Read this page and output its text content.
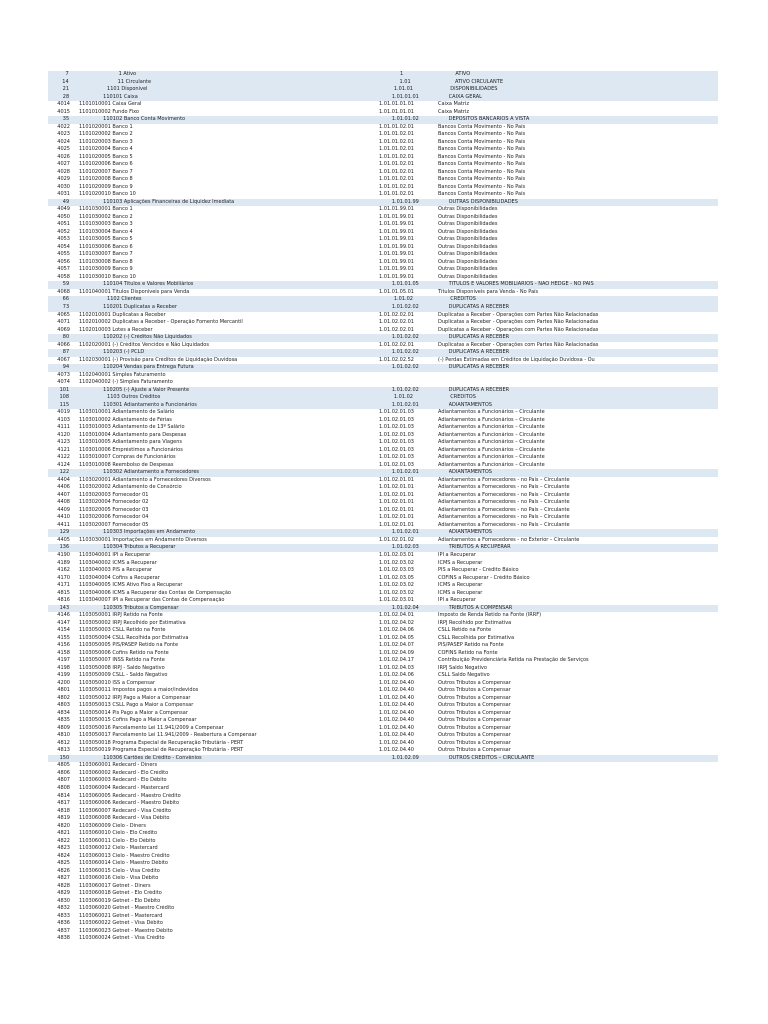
7	1 Ativo	1	ATIVO
14	11 Circulante	1.01	ATIVO CIRCULANTE
21	1101 Disponível	1.01.01	DISPONIBILIDADES
28	110101 Caixa	1.01.01.01	CAIXA GERAL
4014	1101010001 Caixa Geral	1.01.01.01.01	Caixa Matriz
4015	1101010002 Fundo Fixo	1.01.01.01.01	Caixa Matriz
35	110102 Banco Conta Movimento	1.01.01.02	DEPÓSITOS BANCÁRIOS À VISTA
4022	1101020001 Banco 1	1.01.01.02.01	Bancos Conta Movimento - No País
4023	1101020002 Banco 2	1.01.01.02.01	Bancos Conta Movimento - No País
4024	1101020003 Banco 3	1.01.01.02.01	Bancos Conta Movimento - No País
4025	1101020004 Banco 4	1.01.01.02.01	Bancos Conta Movimento - No País
4026	1101020005 Banco 5	1.01.01.02.01	Bancos Conta Movimento - No País
4027	1101020006 Banco 6	1.01.01.02.01	Bancos Conta Movimento - No País
4028	1101020007 Banco 7	1.01.01.02.01	Bancos Conta Movimento - No País
4029	1101020008 Banco 8	1.01.01.02.01	Bancos Conta Movimento - No País
4030	1101020009 Banco 9	1.01.01.02.01	Bancos Conta Movimento - No País
4031	1101020010 Banco 10	1.01.01.02.01	Bancos Conta Movimento - No País
49	110103 Aplicações Financeiras de Liquidez Imediata	1.01.01.99	OUTRAS DISPONIBILIDADES
4049	1101030001 Banco 1	1.01.01.99.01	Outras Disponibilidades
4050	1101030002 Banco 2	1.01.01.99.01	Outras Disponibilidades
4051	1101030003 Banco 3	1.01.01.99.01	Outras Disponibilidades
4052	1101030004 Banco 4	1.01.01.99.01	Outras Disponibilidades
4053	1101030005 Banco 5	1.01.01.99.01	Outras Disponibilidades
4054	1101030006 Banco 6	1.01.01.99.01	Outras Disponibilidades
4055	1101030007 Banco 7	1.01.01.99.01	Outras Disponibilidades
4056	1101030008 Banco 8	1.01.01.99.01	Outras Disponibilidades
4057	1101030009 Banco 9	1.01.01.99.01	Outras Disponibilidades
4058	1101030010 Banco 10	1.01.01.99.01	Outras Disponibilidades
59	110104 Títulos e Valores Mobiliários	1.01.01.05	TÍTULOS E VALORES MOBILIÁRIOS - NÃO HEDGE - NO PAÍS
4068	1101040001 Títulos Disponíveis para Venda	1.01.01.05.01	Títulos Disponíveis para Venda - No País
66	1102 Clientes	1.01.02	CRÉDITOS
73	110201 Duplicatas a Receber	1.01.02.02	DUPLICATAS A RECEBER
4065	1102010001 Duplicatas a Receber	1.01.02.02.01	Duplicatas a Receber - Operações com Partes Não Relacionadas
4071	1102010002 Duplicatas a Receber - Operação Fomento Mercantil	1.01.02.02.01	Duplicatas a Receber - Operações com Partes Não Relacionadas
4069	1102010003 Lotes a Receber	1.01.02.02.01	Duplicatas a Receber - Operações com Partes Não Relacionadas
80	110202 (-) Créditos Não Liquidados	1.01.02.02	DUPLICATAS A RECEBER
4066	1102020001 (-) Créditos Vencidos e Não Liquidados	1.01.02.02.01	Duplicatas a Receber - Operações com Partes Não Relacionadas
87	110203 (-) PCLD	1.01.02.02	DUPLICATAS A RECEBER
4067	1102030001 (-) Provisão para Créditos de Liquidação Duvidosa	1.01.02.02.52	(-) Perdas Estimadas em Créditos de Liquidação Duvidosa - Ou
94	110204 Vendas para Entrega Futura	1.01.02.02	DUPLICATAS A RECEBER
4073	1102040001 Simples Faturamento
4074	1102040002 (-) Simples Faturamento
101	110205 (-) Ajuste a Valor Presente	1.01.02.02	DUPLICATAS A RECEBER
108	1103 Outros Créditos	1.01.02	CRÉDITOS
115	110301 Adiantamento a Funcionários	1.01.02.01	ADIANTAMENTOS
4019	1103010001 Adiantamento de Salário	1.01.02.01.03	Adiantamentos a Funcionários – Circulante
4103	1103010002 Adiantamento de Férias	1.01.02.01.03	Adiantamentos a Funcionários – Circulante
4111	1103010003 Adiantamento de 13º Salário	1.01.02.01.03	Adiantamentos a Funcionários – Circulante
4120	1103010004 Adiantamento para Despesas	1.01.02.01.03	Adiantamentos a Funcionários – Circulante
4123	1103010005 Adiantamento para Viagens	1.01.02.01.03	Adiantamentos a Funcionários – Circulante
4121	1103010006 Empréstimos a Funcionários	1.01.02.01.03	Adiantamentos a Funcionários – Circulante
4122	1103010007 Compras de Funcionários	1.01.02.01.03	Adiantamentos a Funcionários – Circulante
4124	1103010008 Reembolso de Despesas	1.01.02.01.03	Adiantamentos a Funcionários – Circulante
122	110302 Adiantamento a Fornecedores	1.01.02.01	ADIANTAMENTOS
4404	1103020001 Adiantamento a Fornecedores Diversos	1.01.02.01.01	Adiantamentos a Fornecedores - no País – Circulante
4406	1103020002 Adiantamento de Consórcio	1.01.02.01.01	Adiantamentos a Fornecedores - no País – Circulante
4407	1103020003 Fornecedor 01	1.01.02.01.01	Adiantamentos a Fornecedores - no País – Circulante
4408	1103020004 Fornecedor 02	1.01.02.01.01	Adiantamentos a Fornecedores - no País – Circulante
4409	1103020005 Fornecedor 03	1.01.02.01.01	Adiantamentos a Fornecedores - no País – Circulante
4410	1103020006 Fornecedor 04	1.01.02.01.01	Adiantamentos a Fornecedores - no País – Circulante
4411	1103020007 Fornecedor 05	1.01.02.01.01	Adiantamentos a Fornecedores - no País – Circulante
129	110303 Importações em Andamento	1.01.02.01	ADIANTAMENTOS
4405	1103030001 Importações em Andamento Diversos	1.01.02.01.02	Adiantamentos a Fornecedores - no Exterior – Circulante
136	110304 Tributos a Recuperar	1.01.02.03	TRIBUTOS A RECUPERAR
4190	1103040001 IPI a Recuperar	1.01.02.03.01	IPI a Recuperar
4189	1103040002 ICMS a Recuperar	1.01.02.03.02	ICMS a Recuperar
4162	1103040003 PIS a Recuperar	1.01.02.03.03	PIS a Recuperar - Crédito Básico
4170	1103040004 Cofins a Recuperar	1.01.02.03.05	COFINS a Recuperar - Crédito Básico
4171	1103040005 ICMS Ativo Fixo a Recuperar	1.01.02.03.02	ICMS a Recuperar
4815	1103040006 ICMS a Recuperar das Contas de Compensação	1.01.02.03.02	ICMS a Recuperar
4816	1103040007 IPI a Recuperar das Contas de Compensação	1.01.02.03.01	IPI a Recuperar
143	110305 Tributos a Compensar	1.01.02.04	TRIBUTOS A COMPENSAR
4146	1103050001 IRPJ Retido na Fonte	1.01.02.04.01	Imposto de Renda Retido na Fonte (IRRF)
4147	1103050002 IRPJ Recolhido por Estimativa	1.01.02.04.02	IRPJ Recolhido por Estimativa
4154	1103050003 CSLL Retido na Fonte	1.01.02.04.06	CSLL Retido na Fonte
4155	1103050004 CSLL Recolhida por Estimativa	1.01.02.04.05	CSLL Recolhida por Estimativa
4156	1103050005 PIS/PASEP Retido na Fonte	1.01.02.04.07	PIS/PASEP Retido na Fonte
4158	1103050006 Cofins Retido na Fonte	1.01.02.04.09	COFINS Retido na Fonte
4197	1103050007 INSS Retido na Fonte	1.01.02.04.17	Contribuição Previdenciária Retida na Prestação de Serviços
4198	1103050008 IRPJ - Saldo Negativo	1.01.02.04.03	IRPJ Saldo Negativo
4199	1103050009 CSLL - Saldo Negativo	1.01.02.04.06	CSLL Saldo Negativo
4200	1103050010 ISS a Compensar	1.01.02.04.40	Outros Tributos a Compensar
4801	1103050011 Impostos pagos a maior/indevidos	1.01.02.04.40	Outros Tributos a Compensar
4802	1103050012 IRPJ Pago a Maior a Compensar	1.01.02.04.40	Outros Tributos a Compensar
4803	1103050013 CSLL Pago a Maior a Compensar	1.01.02.04.40	Outros Tributos a Compensar
4834	1103050014 Pis Pago a Maior a Compensar	1.01.02.04.40	Outros Tributos a Compensar
4835	1103050015 Cofins Pago a Maior a Compensar	1.01.02.04.40	Outros Tributos a Compensar
4809	1103050016 Parcelamento Lei 11.941/2009 a Compensar	1.01.02.04.40	Outros Tributos a Compensar
4810	1103050017 Parcelamento Lei 11.941/2009 - Reabertura a Compensar	1.01.02.04.40	Outros Tributos a Compensar
4812	1103050018 Programa Especial de Recuperação Tributária - PERT	1.01.02.04.40	Outros Tributos a Compensar
4813	1103050019 Programa Especial de Recuperação Tributária - PERT	1.01.02.04.40	Outros Tributos a Compensar
150	110306 Cartões de Crédito - Convênios	1.01.02.09	OUTROS CRÉDITOS – CIRCULANTE
4805	1103060001 Redecard - Diners
4806	1103060002 Redecard - Elo Crédito
4807	1103060003 Redecard - Elo Débito
4808	1103060004 Redecard - Mastercard
4814	1103060005 Redecard - Maestro Crédito
4817	1103060006 Redecard - Maestro Débito
4818	1103060007 Redecard - Visa Crédito
4819	1103060008 Redecard - Visa Débito
4820	1103060009 Cielo - Diners
4821	1103060010 Cielo - Elo Crédito
4822	1103060011 Cielo - Elo Débito
4823	1103060012 Cielo - Mastercard
4824	1103060013 Cielo - Maestro Crédito
4825	1103060014 Cielo - Maestro Débito
4826	1103060015 Cielo - Visa Crédito
4827	1103060016 Cielo - Visa Débito
4828	1103060017 Getnet - Diners
4829	1103060018 Getnet - Elo Crédito
4830	1103060019 Getnet - Elo Débito
4832	1103060020 Getnet - Maestro Crédito
4833	1103060021 Getnet - Mastercard
4836	1103060022 Getnet - Visa Débito
4837	1103060023 Getnet - Maestro Débito
4838	1103060024 Getnet - Visa Crédito
